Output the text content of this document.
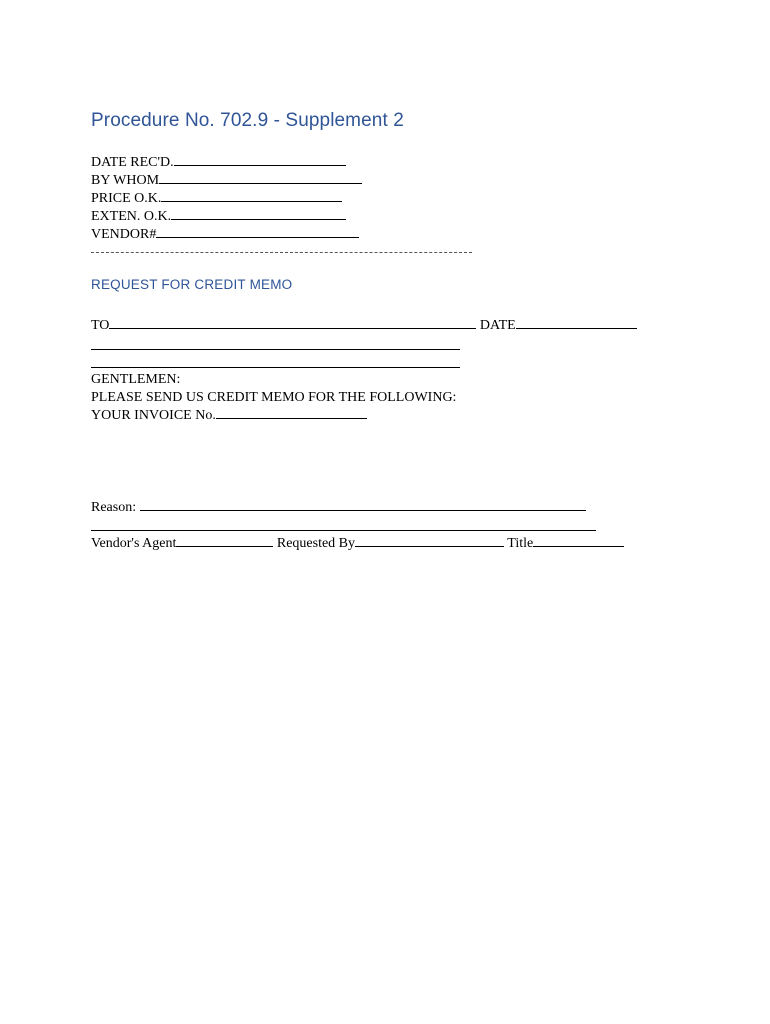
Procedure No. 702.9 - Supplement 2
DATE REC'D.
BY WHOM
PRICE O.K.
EXTEN. O.K.
VENDOR#
REQUEST FOR CREDIT MEMO
TO	DATE
GENTLEMEN:
PLEASE SEND US CREDIT MEMO FOR THE FOLLOWING:
YOUR INVOICE No.
Reason:
Vendor's Agent	Requested By	Title
